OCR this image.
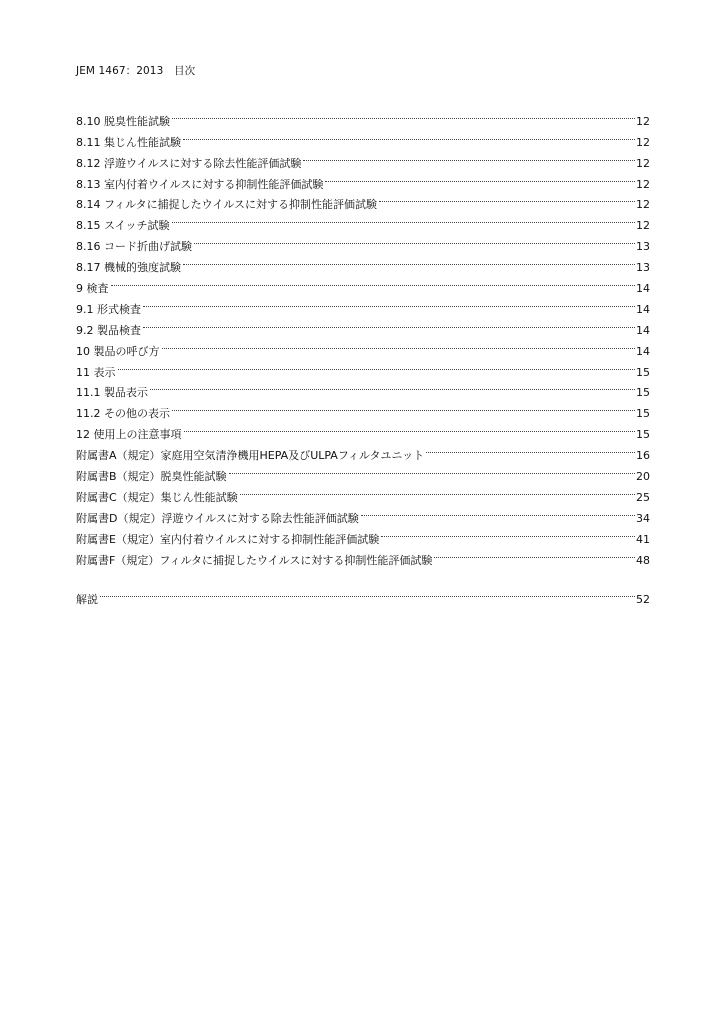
JEM 1467：2013　目次
8.10 脱臭性能試験	12
8.11 集じん性能試験	12
8.12 浮遊ウイルスに対する除去性能評価試験	12
8.13 室内付着ウイルスに対する抑制性能評価試験	12
8.14 フィルタに捕捉したウイルスに対する抑制性能評価試験	12
8.15 スイッチ試験	12
8.16 コード折曲げ試験	13
8.17 機械的強度試験	13
9 検査	14
9.1 形式検査	14
9.2 製品検査	14
10 製品の呼び方	14
11 表示	15
11.1 製品表示	15
11.2 その他の表示	15
12 使用上の注意事項	15
附属書A（規定）家庭用空気清浄機用HEPA及びULPAフィルタユニット	16
附属書B（規定）脱臭性能試験	20
附属書C（規定）集じん性能試験	25
附属書D（規定）浮遊ウイルスに対する除去性能評価試験	34
附属書E（規定）室内付着ウイルスに対する抑制性能評価試験	41
附属書F（規定）フィルタに捕捉したウイルスに対する抑制性能評価試験	48
解説	52
